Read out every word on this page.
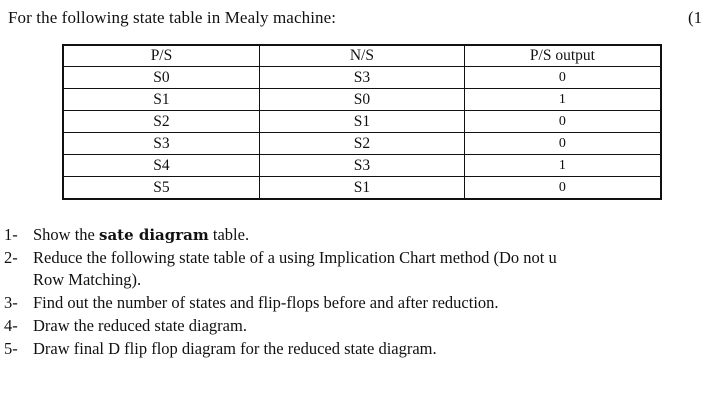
For the following state table in Mealy machine:	(1
P/S	N/S	P/S output
S0	S3	0
S1	S0	1
S2	S1	0
S3	S2	0
S4	S3	1
S5	S1	0
1- Show the sate diagram table.
2- Reduce the following state table of a using Implication Chart method (Do not u
Row Matching).
3- Find out the number of states and flip-flops before and after reduction.
4- Draw the reduced state diagram.
5- Draw final D flip flop diagram for the reduced state diagram.
